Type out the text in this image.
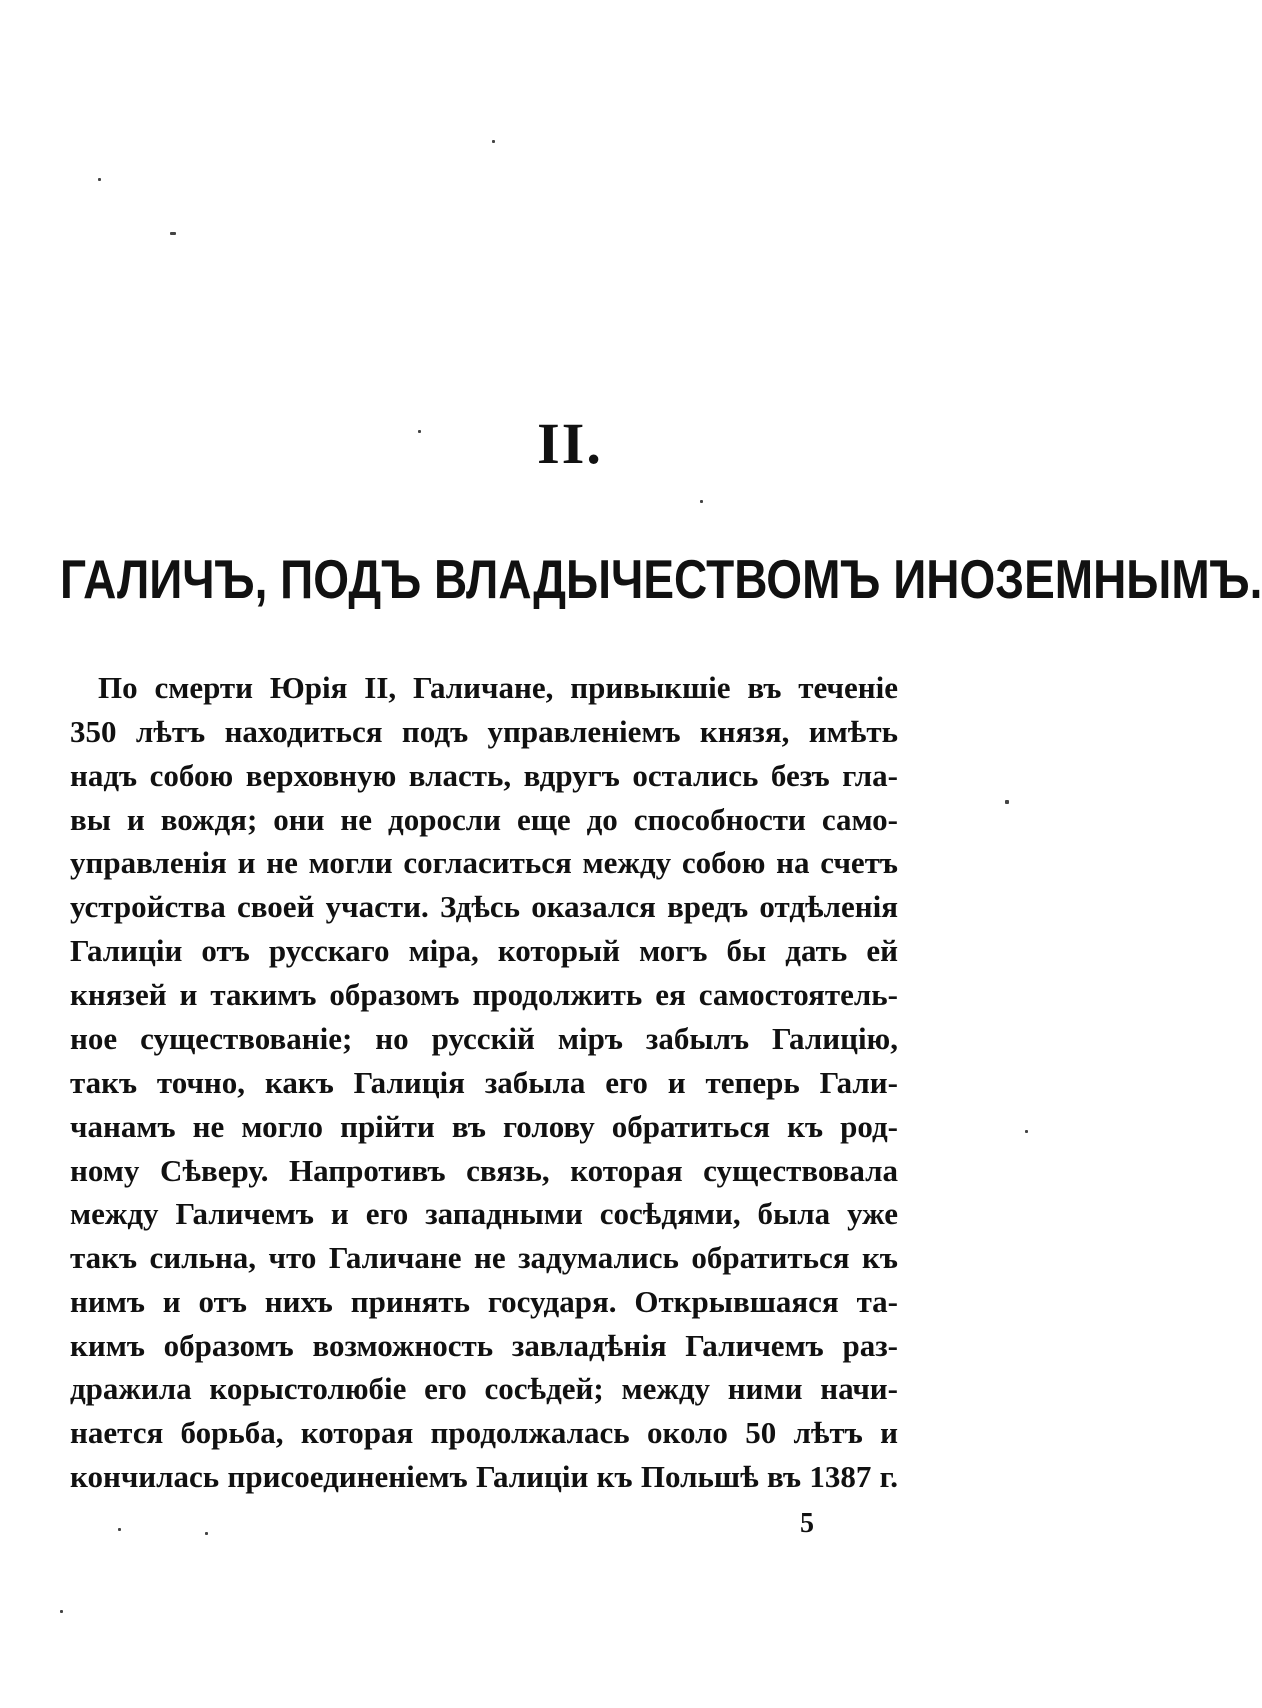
II.
ГАЛИЧЪ, ПОДЪ ВЛАДЫЧЕСТВОМЪ ИНОЗЕМНЫМЪ.
По смерти Юрія II, Галичане, привыкшіе въ теченіе
350 лѣтъ находиться подъ управленіемъ князя, имѣть
надъ собою верховную власть, вдругъ остались безъ гла-
вы и вождя; они не доросли еще до способности само-
управленія и не могли согласиться между собою на счетъ
устройства своей участи. Здѣсь оказался вредъ отдѣленія
Галиціи отъ русскаго міра, который могъ бы дать ей
князей и такимъ образомъ продолжить ея самостоятель-
ное существованіе; но русскій міръ забылъ Галицію,
такъ точно, какъ Галиція забыла его и теперь Гали-
чанамъ не могло прійти въ голову обратиться къ род-
ному Сѣверу. Напротивъ связь, которая существовала
между Галичемъ и его западными сосѣдями, была уже
такъ сильна, что Галичане не задумались обратиться къ
нимъ и отъ нихъ принять государя. Открывшаяся та-
кимъ образомъ возможность завладѣнія Галичемъ раз-
дражила корыстолюбіе его сосѣдей; между ними начи-
нается борьба, которая продолжалась около 50 лѣтъ и
кончилась присоединеніемъ Галиціи къ Польшѣ въ 1387 г.
5
